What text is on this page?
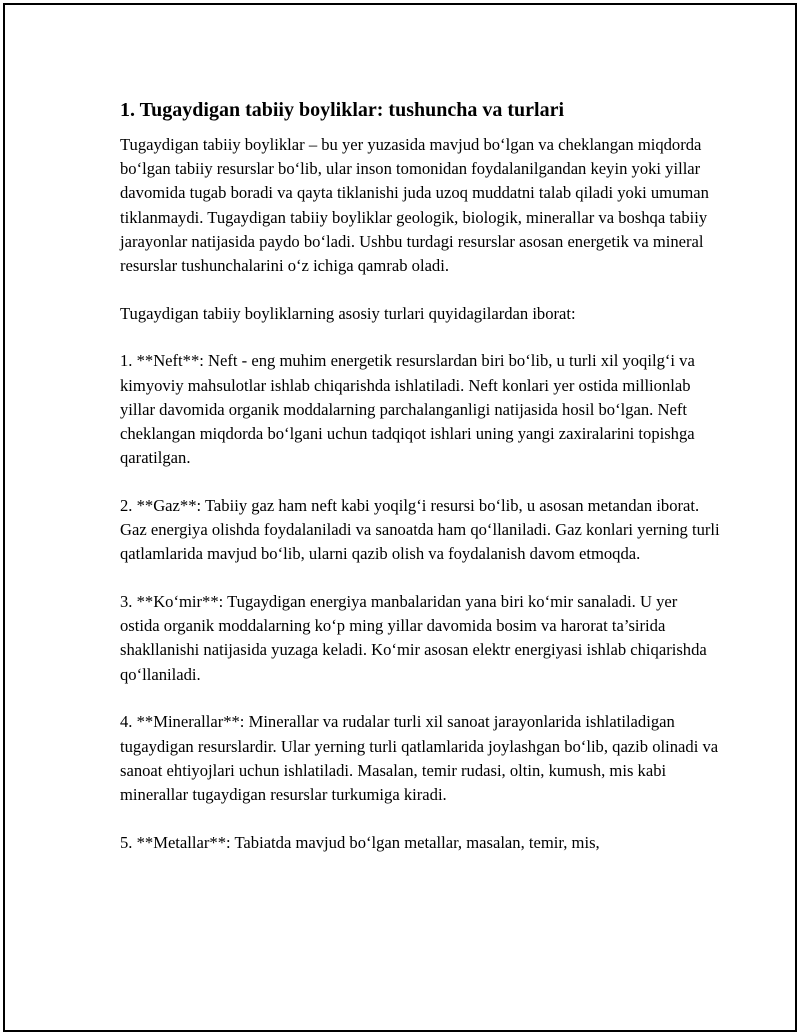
1. Tugaydigan tabiiy boyliklar: tushuncha va turlari

Tugaydigan tabiiy boyliklar – bu yer yuzasida mavjud bo‘lgan va cheklangan miqdorda bo‘lgan tabiiy resurslar bo‘lib, ular inson tomonidan foydalanilgandan keyin yoki yillar davomida tugab boradi va qayta tiklanishi juda uzoq muddatni talab qiladi yoki umuman tiklanmaydi. Tugaydigan tabiiy boyliklar geologik, biologik, minerallar va boshqa tabiiy jarayonlar natijasida paydo bo‘ladi. Ushbu turdagi resurslar asosan energetik va mineral resurslar tushunchalarini o‘z ichiga qamrab oladi.

Tugaydigan tabiiy boyliklarning asosiy turlari quyidagilardan iborat:

1. **Neft**: Neft - eng muhim energetik resurslardan biri bo‘lib, u turli xil yoqilg‘i va kimyoviy mahsulotlar ishlab chiqarishda ishlatiladi. Neft konlari yer ostida millionlab yillar davomida organik moddalarning parchalanganligi natijasida hosil bo‘lgan. Neft cheklangan miqdorda bo‘lgani uchun tadqiqot ishlari uning yangi zaxiralarini topishga qaratilgan.

2. **Gaz**: Tabiiy gaz ham neft kabi yoqilg‘i resursi bo‘lib, u asosan metandan iborat. Gaz energiya olishda foydalaniladi va sanoatda ham qo‘llaniladi. Gaz konlari yerning turli qatlamlarida mavjud bo‘lib, ularni qazib olish va foydalanish davom etmoqda.

3. **Ko‘mir**: Tugaydigan energiya manbalaridan yana biri ko‘mir sanaladi. U yer ostida organik moddalarning ko‘p ming yillar davomida bosim va harorat ta’sirida shakllanishi natijasida yuzaga keladi. Ko‘mir asosan elektr energiyasi ishlab chiqarishda qo‘llaniladi.

4. **Minerallar**: Minerallar va rudalar turli xil sanoat jarayonlarida ishlatiladigan tugaydigan resurslardir. Ular yerning turli qatlamlarida joylashgan bo‘lib, qazib olinadi va sanoat ehtiyojlari uchun ishlatiladi. Masalan, temir rudasi, oltin, kumush, mis kabi minerallar tugaydigan resurslar turkumiga kiradi.

5. **Metallar**: Tabiatda mavjud bo‘lgan metallar, masalan, temir, mis,
